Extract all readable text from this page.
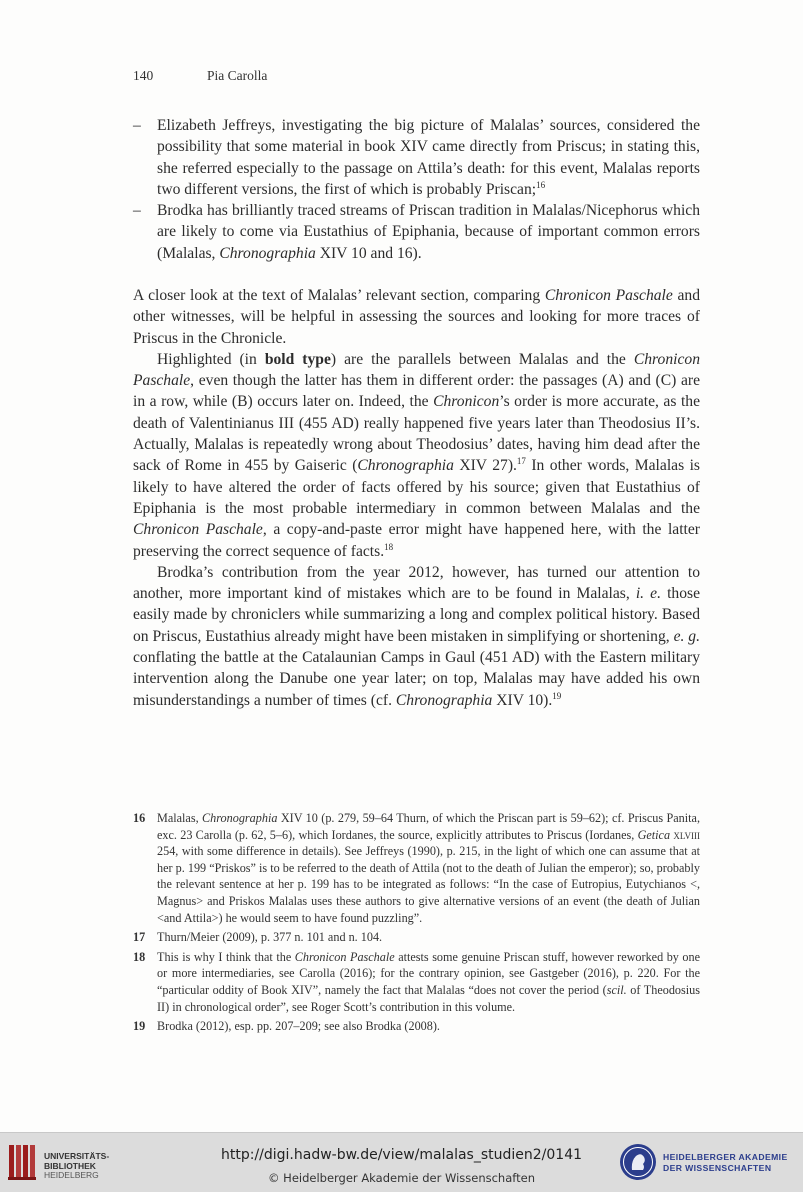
140	Pia Carolla
– Elizabeth Jeffreys, investigating the big picture of Malalas’ sources, considered the possibility that some material in book XIV came directly from Priscus; in stating this, she referred especially to the passage on Attila’s death: for this event, Malalas reports two different versions, the first of which is probably Priscan;$^{16}$
– Brodka has brilliantly traced streams of Priscan tradition in Malalas/Nicephorus which are likely to come via Eustathius of Epiphania, because of important common errors (Malalas, Chronographia XIV 10 and 16).

A closer look at the text of Malalas’ relevant section, comparing Chronicon Paschale and other witnesses, will be helpful in assessing the sources and looking for more traces of Priscus in the Chronicle.

Highlighted (in bold type) are the parallels between Malalas and the Chronicon Paschale, even though the latter has them in different order: the passages (A) and (C) are in a row, while (B) occurs later on. Indeed, the Chronicon’s order is more accurate, as the death of Valentinianus III (455 AD) really happened five years later than Theodosius II’s. Actually, Malalas is repeatedly wrong about Theodosius’ dates, having him dead after the sack of Rome in 455 by Gaiseric (Chronographia XIV 27).$^{17}$ In other words, Malalas is likely to have altered the order of facts offered by his source; given that Eustathius of Epiphania is the most probable intermediary in common between Malalas and the Chronicon Paschale, a copy-and-paste error might have happened here, with the latter preserving the correct sequence of facts.$^{18}$

Brodka’s contribution from the year 2012, however, has turned our attention to another, more important kind of mistakes which are to be found in Malalas, i. e. those easily made by chroniclers while summarizing a long and complex political history. Based on Priscus, Eustathius already might have been mistaken in simplifying or shortening, e. g. conflating the battle at the Catalaunian Camps in Gaul (451 AD) with the Eastern military intervention along the Danube one year later; on top, Malalas may have added his own misunderstandings a number of times (cf. Chronographia XIV 10).$^{19}$

16 Malalas, Chronographia XIV 10 (p. 279, 59–64 Thurn, of which the Priscan part is 59–62); cf. Priscus Panita, exc. 23 Carolla (p. 62, 5–6), which Iordanes, the source, explicitly attributes to Priscus (Iordanes, Getica xlviii 254, with some difference in details). See Jeffreys (1990), p. 215, in the light of which one can assume that at her p. 199 “Priskos” is to be referred to the death of Attila (not to the death of Julian the emperor); so, probably the relevant sentence at her p. 199 has to be integrated as follows: “In the case of Eutropius, Eutychianos <, Magnus> and Priskos Malalas uses these authors to give alternative versions of an event (the death of Julian <and Attila>) he would seem to have found puzzling”.
17 Thurn/Meier (2009), p. 377 n. 101 and n. 104.
18 This is why I think that the Chronicon Paschale attests some genuine Priscan stuff, however reworked by one or more intermediaries, see Carolla (2016); for the contrary opinion, see Gastgeber (2016), p. 220. For the “particular oddity of Book XIV”, namely the fact that Malalas “does not cover the period (scil. of Theodosius II) in chronological order”, see Roger Scott’s contribution in this volume.
19 Brodka (2012), esp. pp. 207–209; see also Brodka (2008).
UNIVERSITÄTS-
BIBLIOTHEK
HEIDELBERG
http://digi.hadw-bw.de/view/malalas_studien2/0141
© Heidelberger Akademie der Wissenschaften
HEIDELBERGER AKADEMIE
DER WISSENSCHAFTEN
